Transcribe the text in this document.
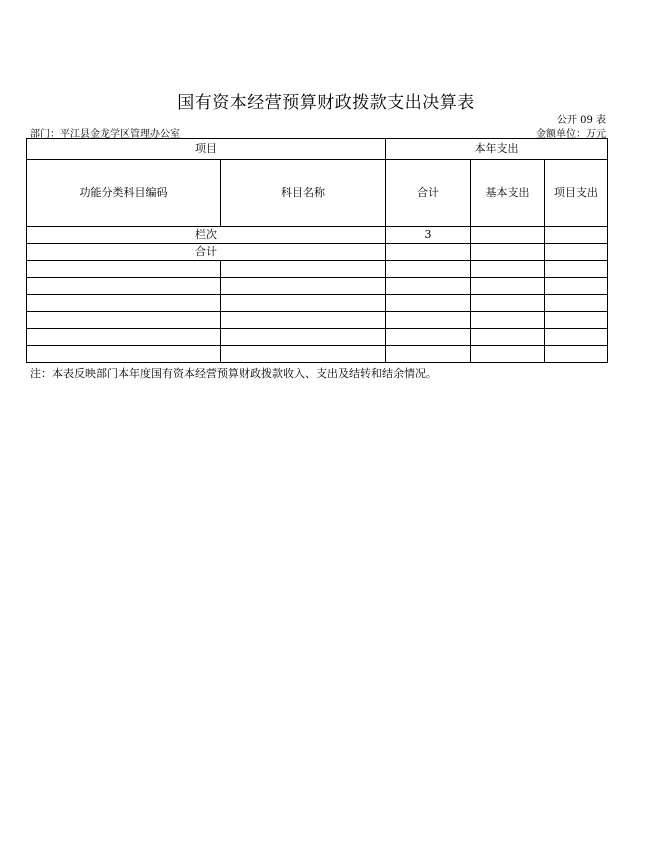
国有资本经营预算财政拨款支出决算表
公开 09 表
部门：平江县金龙学区管理办公室	金额单位：万元
项目		本年支出		
功能分类科目编码	科目名称	合计	基本支出	项目支出
栏次		3		
合计				

注：本表反映部门本年度国有资本经营预算财政拨款收入、支出及结转和结余情况。
